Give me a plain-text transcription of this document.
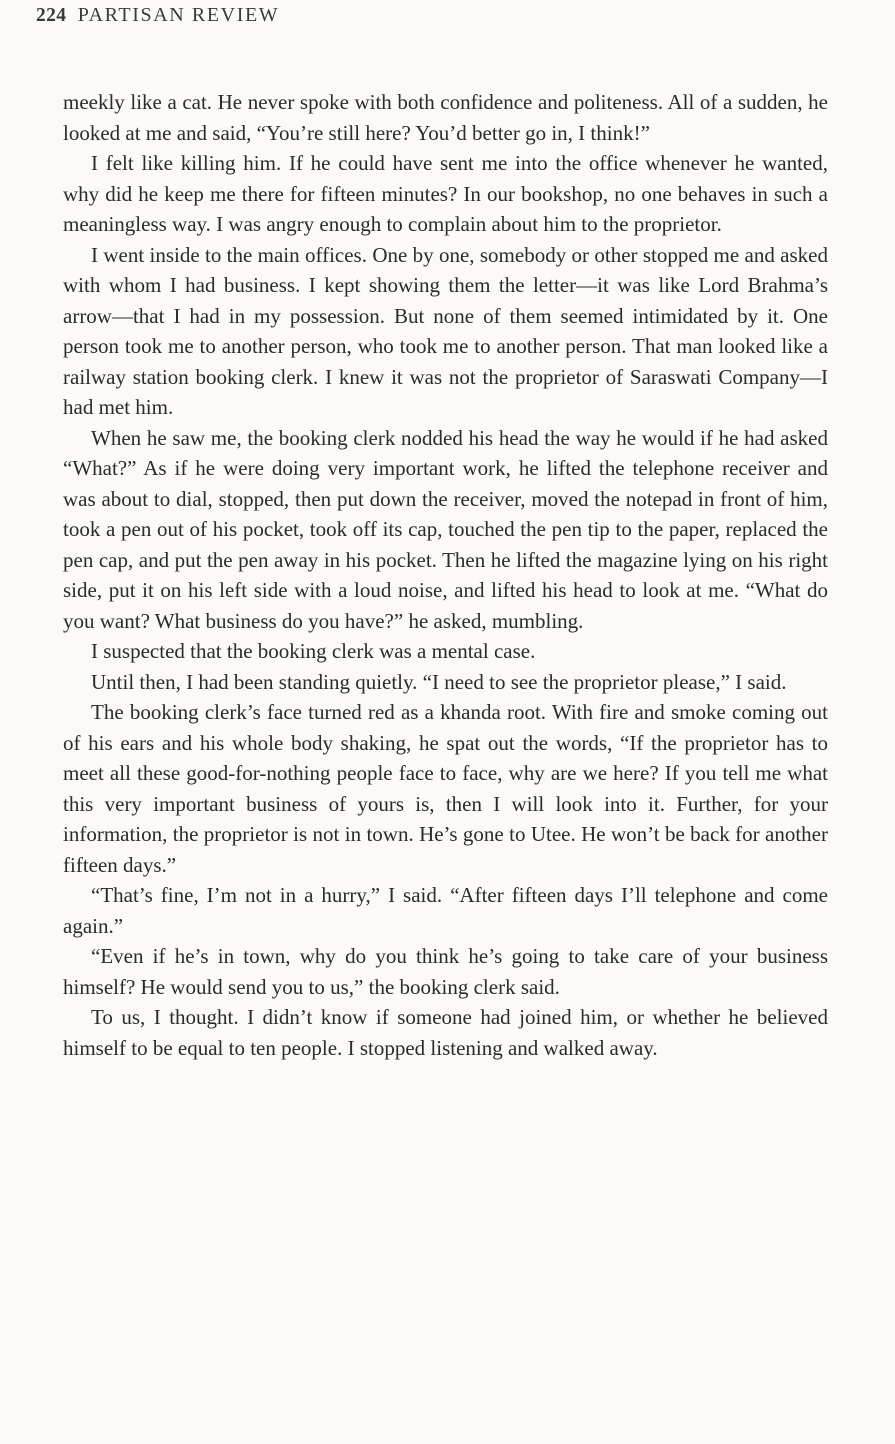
224 PARTISAN REVIEW

meekly like a cat. He never spoke with both confidence and politeness. All of a sudden, he looked at me and said, “You’re still here? You’d better go in, I think!”

I felt like killing him. If he could have sent me into the office whenever he wanted, why did he keep me there for fifteen minutes? In our bookshop, no one behaves in such a meaningless way. I was angry enough to complain about him to the proprietor.

I went inside to the main offices. One by one, somebody or other stopped me and asked with whom I had business. I kept showing them the letter—it was like Lord Brahma’s arrow—that I had in my possession. But none of them seemed intimidated by it. One person took me to another person, who took me to another person. That man looked like a railway station booking clerk. I knew it was not the proprietor of Saraswati Company—I had met him.

When he saw me, the booking clerk nodded his head the way he would if he had asked “What?” As if he were doing very important work, he lifted the telephone receiver and was about to dial, stopped, then put down the receiver, moved the notepad in front of him, took a pen out of his pocket, took off its cap, touched the pen tip to the paper, replaced the pen cap, and put the pen away in his pocket. Then he lifted the magazine lying on his right side, put it on his left side with a loud noise, and lifted his head to look at me. “What do you want? What business do you have?” he asked, mumbling.

I suspected that the booking clerk was a mental case.

Until then, I had been standing quietly. “I need to see the proprietor please,” I said.

The booking clerk’s face turned red as a khanda root. With fire and smoke coming out of his ears and his whole body shaking, he spat out the words, “If the proprietor has to meet all these good-for-nothing people face to face, why are we here? If you tell me what this very important business of yours is, then I will look into it. Further, for your information, the proprietor is not in town. He’s gone to Utee. He won’t be back for another fifteen days.”

“That’s fine, I’m not in a hurry,” I said. “After fifteen days I’ll telephone and come again.”

“Even if he’s in town, why do you think he’s going to take care of your business himself? He would send you to us,” the booking clerk said.

To us, I thought. I didn’t know if someone had joined him, or whether he believed himself to be equal to ten people. I stopped listening and walked away.
